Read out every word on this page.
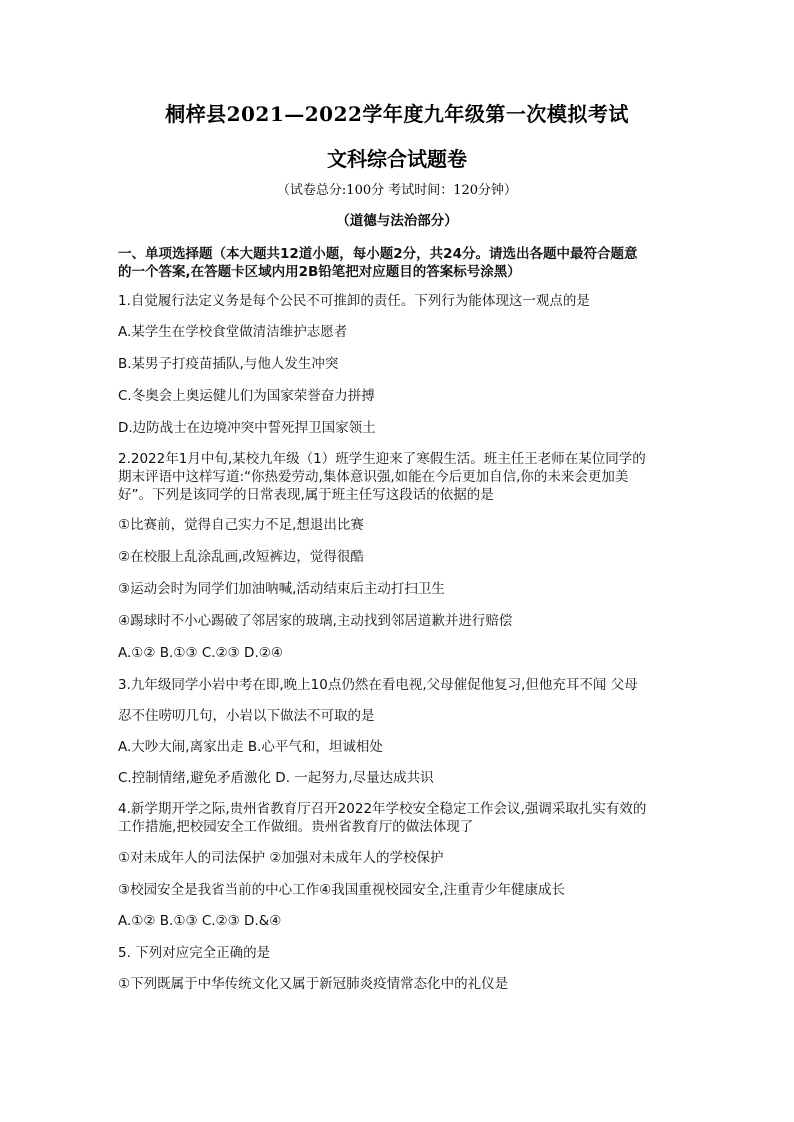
桐梓县2021—2022学年度九年级第一次模拟考试
文科综合试题卷
（试卷总分:100分 考试时间：120分钟）
（道德与法治部分）
一、单项选择题（本大题共12道小题，每小题2分，共24分。请选出各题中最符合题意
的一个答案,在答题卡区域内用2B铅笔把对应题目的答案标号涂黑）
1.自觉履行法定义务是每个公民不可推卸的责任。下列行为能体现这一观点的是
A.某学生在学校食堂做清洁维护志愿者
B.某男子打疫苗插队,与他人发生冲突
C.冬奥会上奥运健儿们为国家荣誉奋力拼搏
D.边防战士在边境冲突中誓死捍卫国家领土
2.2022年1月中旬,某校九年级（1）班学生迎来了寒假生活。班主任王老师在某位同学的
期末评语中这样写道:“你热爱劳动,集体意识强,如能在今后更加自信,你的未来会更加美
好”。下列是该同学的日常表现,属于班主任写这段话的依据的是
①比赛前，觉得自己实力不足,想退出比赛
②在校服上乱涂乱画,改短裤边，觉得很酷
③运动会时为同学们加油呐喊,活动结束后主动打扫卫生
④踢球时不小心踢破了邻居家的玻璃,主动找到邻居道歉并进行赔偿
A.①② B.①③ C.②③ D.②④
3.九年级同学小岩中考在即,晚上10点仍然在看电视,父母催促他复习,但他充耳不闻 父母
忍不住唠叨几句，小岩以下做法不可取的是
A.大吵大闹,离家出走 B.心平气和，坦诚相处
C.控制情绪,避免矛盾激化 D. 一起努力,尽量达成共识
4.新学期开学之际,贵州省教育厅召开2022年学校安全稳定工作会议,强调采取扎实有效的
工作措施,把校园安全工作做细。贵州省教育厅的做法体现了
①对未成年人的司法保护 ②加强对未成年人的学校保护
③校园安全是我省当前的中心工作④我国重视校园安全,注重青少年健康成长
A.①② B.①③ C.②③ D.&④
5. 下列对应完全正确的是
①下列既属于中华传统文化又属于新冠肺炎疫情常态化中的礼仪是
